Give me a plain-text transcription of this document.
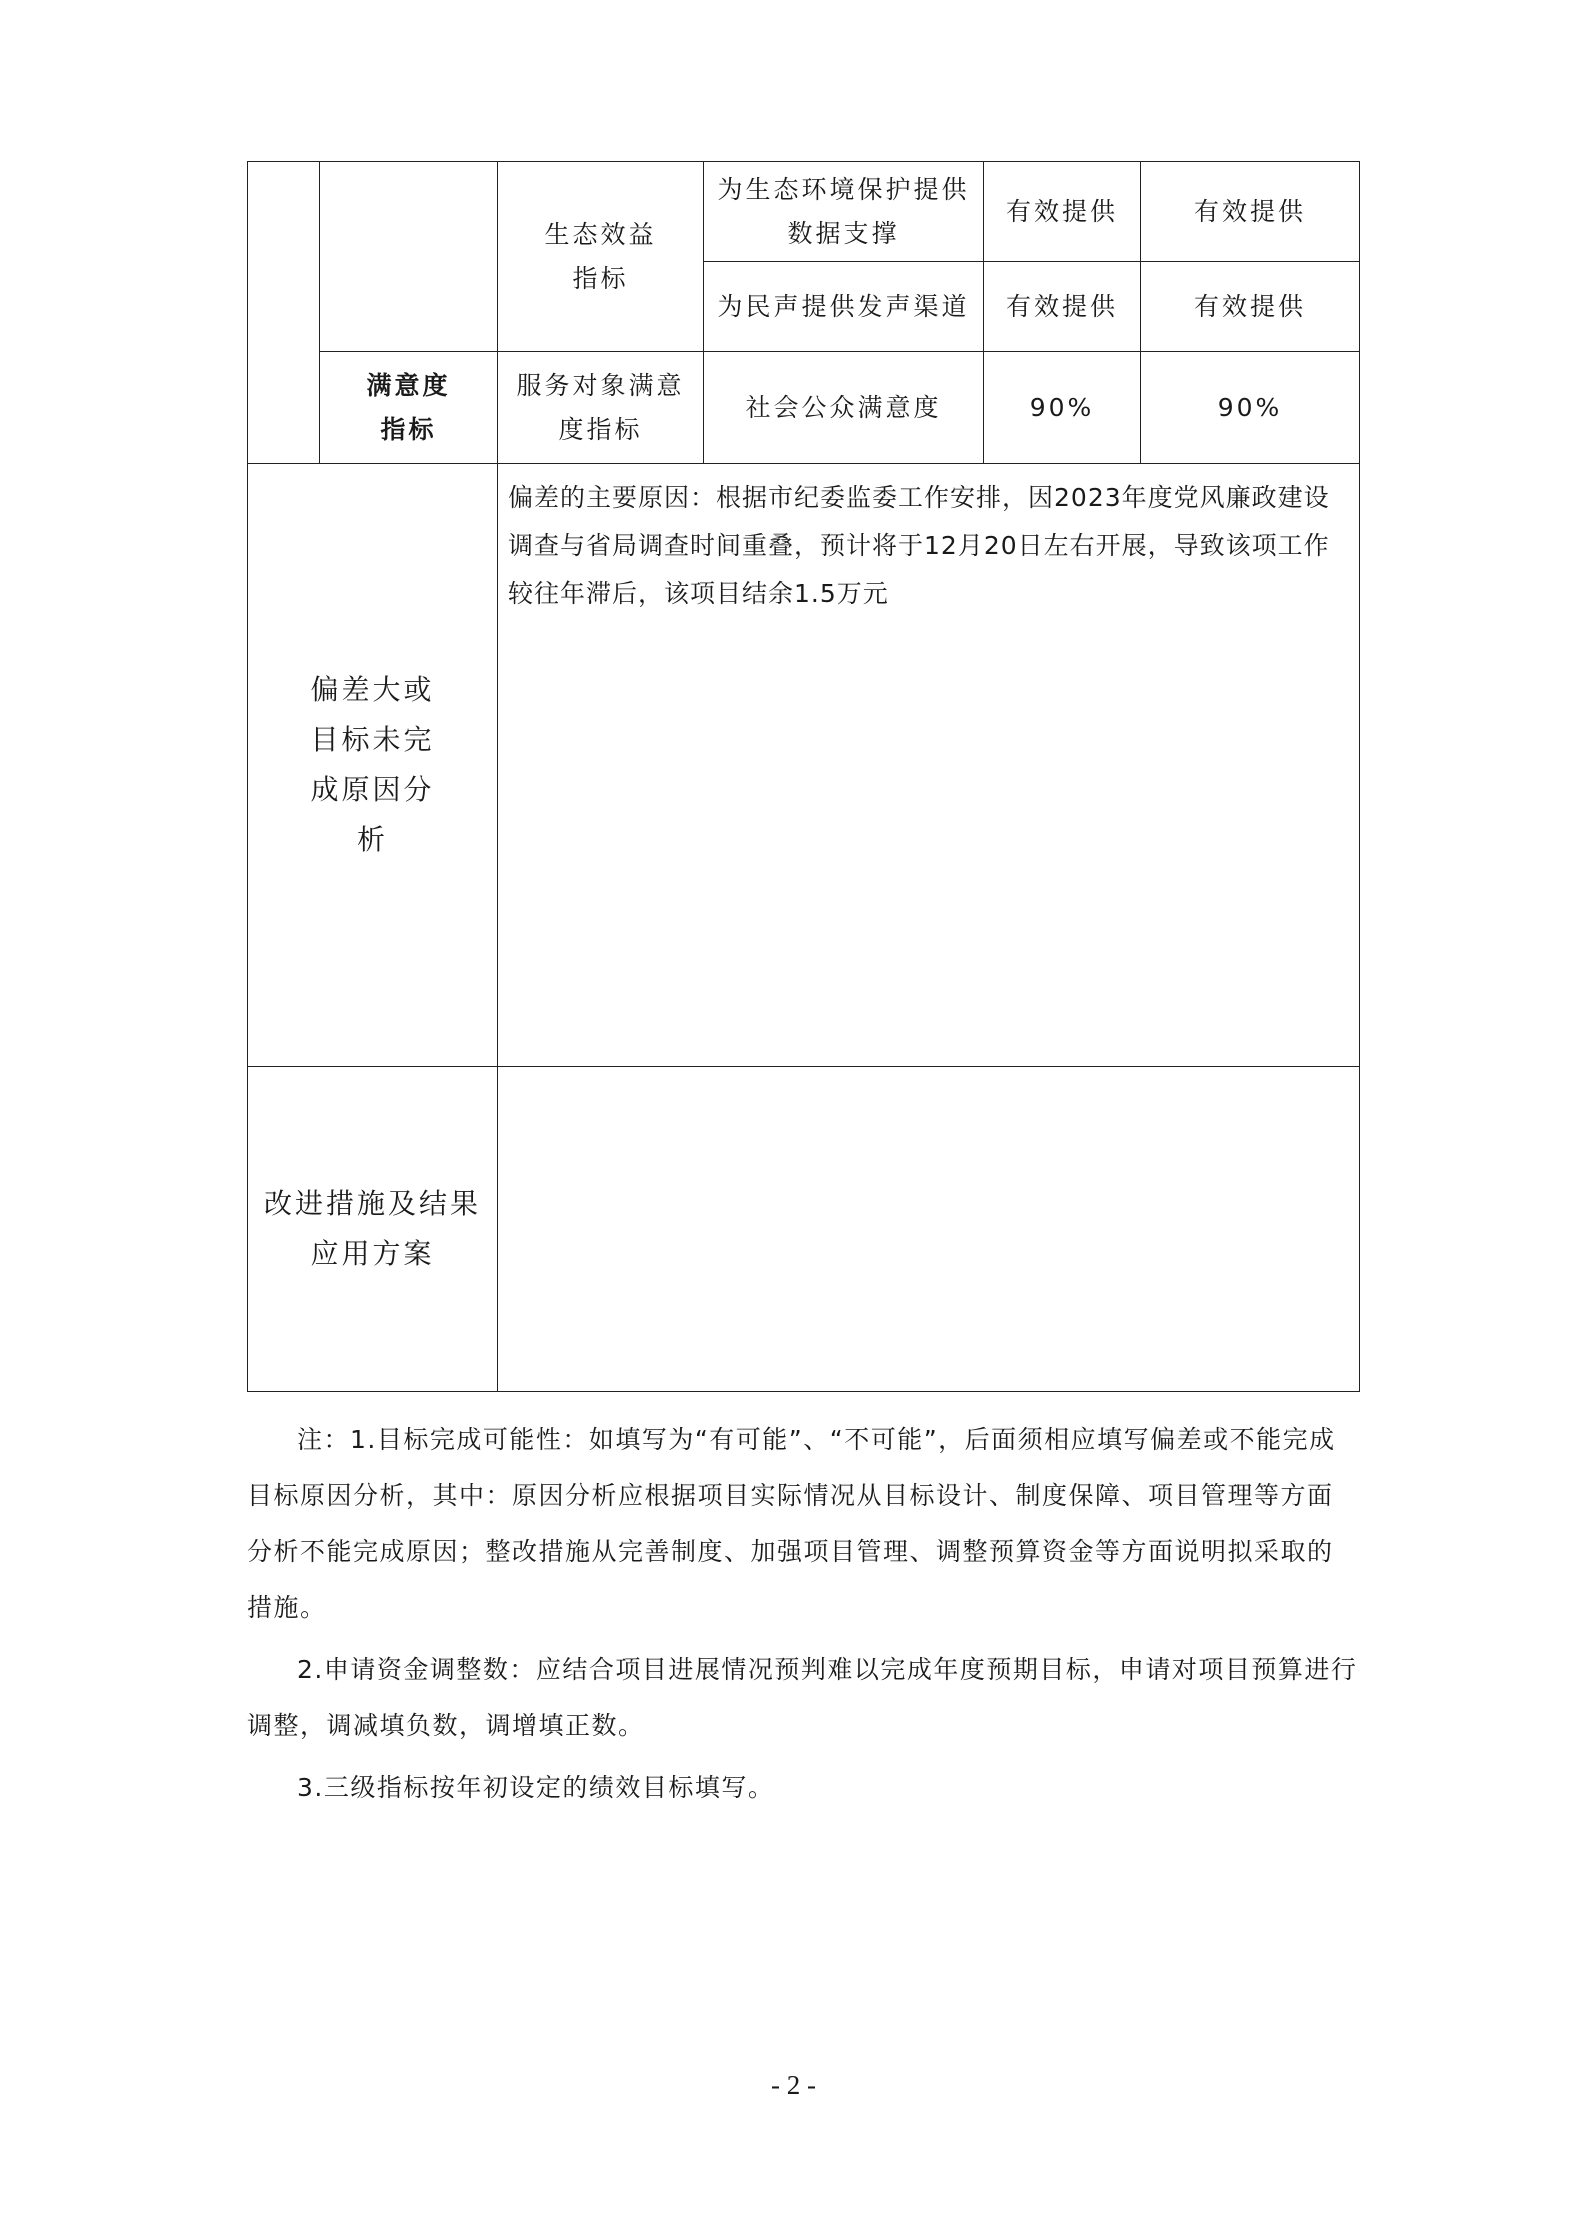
		生态效益指标	为生态环境保护提供数据支撑	有效提供	有效提供
			为民声提供发声渠道	有效提供	有效提供
	满意度指标	服务对象满意度指标	社会公众满意度	90%	90%
偏差大或目标未完成原因分析		偏差的主要原因：根据市纪委监委工作安排，因2023年度党风廉政建设调查与省局调查时间重叠，预计将于12月20日左右开展，导致该项工作较往年滞后，该项目结余1.5万元			
改进措施及结果应用方案					

注：1.目标完成可能性：如填写为“有可能”、“不可能”，后面须相应填写偏差或不能完成目标原因分析，其中：原因分析应根据项目实际情况从目标设计、制度保障、项目管理等方面分析不能完成原因；整改措施从完善制度、加强项目管理、调整预算资金等方面说明拟采取的措施。

2.申请资金调整数：应结合项目进展情况预判难以完成年度预期目标，申请对项目预算进行调整，调减填负数，调增填正数。

3.三级指标按年初设定的绩效目标填写。

- 2 -
